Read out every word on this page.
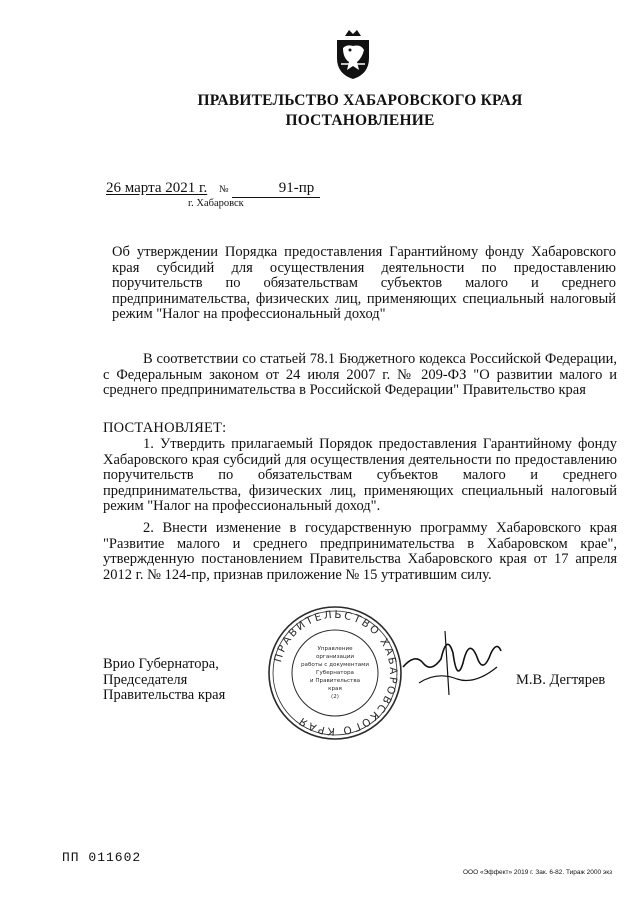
ПРАВИТЕЛЬСТВО ХАБАРОВСКОГО КРАЯ
ПОСТАНОВЛЕНИЕ
26 марта 2021 г. №	91-пр
г. Хабаровск
Об утверждении Порядка предоставления Гарантийному фонду Хабаровского края субсидий для осуществления деятельности по предоставлению поручительств по обязательствам субъектов малого и среднего предпринимательства, физических лиц, применяющих специальный налоговый режим "Налог на профессиональный доход"
В соответствии со статьей 78.1 Бюджетного кодекса Российской Федерации, с Федеральным законом от 24 июля 2007 г. № 209-ФЗ "О развитии малого и среднего предпринимательства в Российской Федерации" Правительство края
ПОСТАНОВЛЯЕТ:
1. Утвердить прилагаемый Порядок предоставления Гарантийному фонду Хабаровского края субсидий для осуществления деятельности по предоставлению поручительств по обязательствам субъектов малого и среднего предпринимательства, физических лиц, применяющих специальный налоговый режим "Налог на профессиональный доход".
2. Внести изменение в государственную программу Хабаровского края "Развитие малого и среднего предпринимательства в Хабаровском крае", утвержденную постановлением Правительства Хабаровского края от 17 апреля 2012 г. № 124-пр, признав приложение № 15 утратившим силу.
Врио Губернатора, Председателя
Правительства края
ПРАВИТЕЛЬСТВО ХАБАРОВСКОГО КРАЯ
Управление
организации
работы с документами
Губернатора
и Правительства
края
(2)
М.В. Дегтярев
ПП 011602
ООО «Эффект» 2019 г. Зак. 6-82. Тираж 2000 экз
